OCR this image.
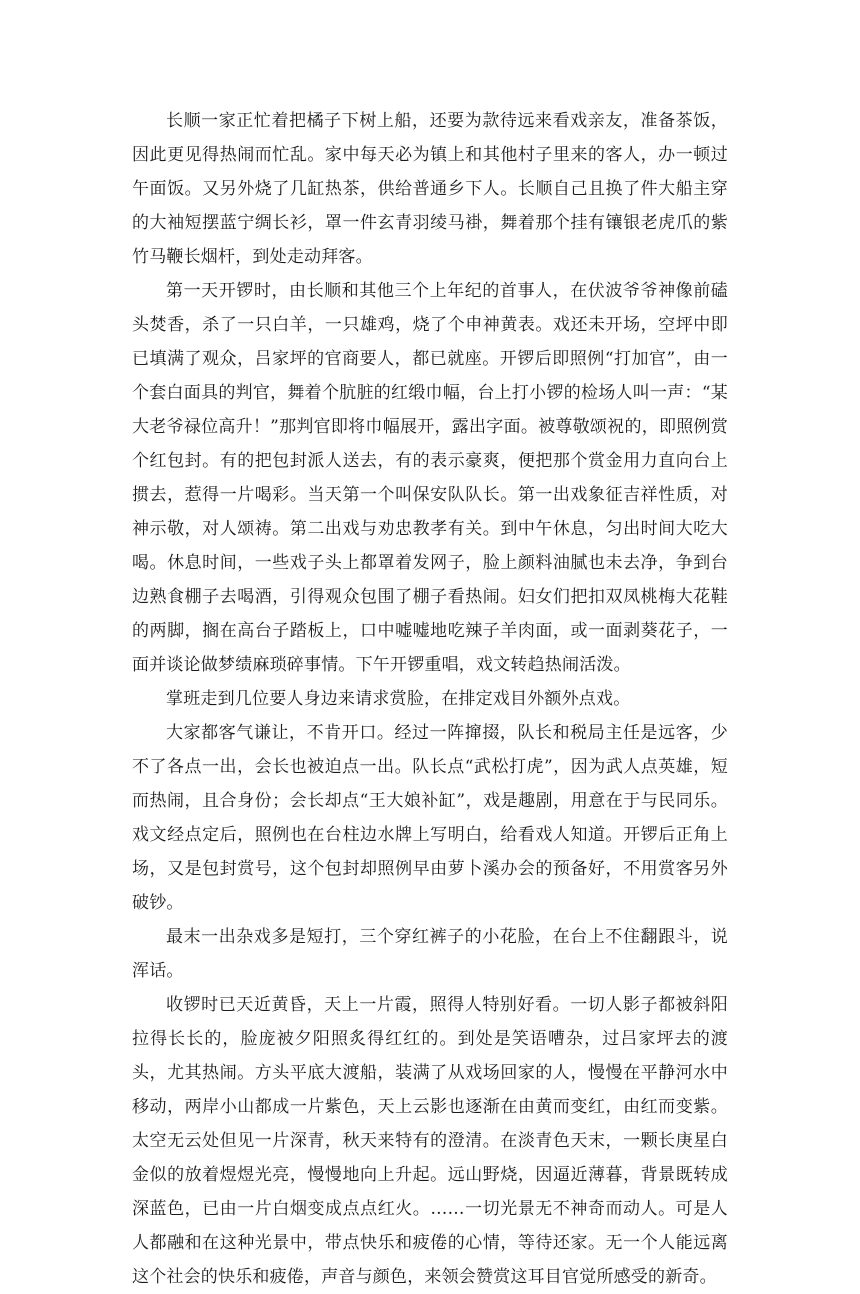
长顺一家正忙着把橘子下树上船，还要为款待远来看戏亲友，准备茶饭，因此更见得热闹而忙乱。家中每天必为镇上和其他村子里来的客人，办一顿过午面饭。又另外烧了几缸热茶，供给普通乡下人。长顺自己且换了件大船主穿的大袖短摆蓝宁绸长衫，罩一件玄青羽绫马褂，舞着那个挂有镶银老虎爪的紫竹马鞭长烟杆，到处走动拜客。

第一天开锣时，由长顺和其他三个上年纪的首事人，在伏波爷爷神像前磕头焚香，杀了一只白羊，一只雄鸡，烧了个申神黄表。戏还未开场，空坪中即已填满了观众，吕家坪的官商要人，都已就座。开锣后即照例“打加官”，由一个套白面具的判官，舞着个肮脏的红缎巾幅，台上打小锣的检场人叫一声：“某大老爷禄位高升！”那判官即将巾幅展开，露出字面。被尊敬颂祝的，即照例赏个红包封。有的把包封派人送去，有的表示豪爽，便把那个赏金用力直向台上掼去，惹得一片喝彩。当天第一个叫保安队队长。第一出戏象征吉祥性质，对神示敬，对人颂祷。第二出戏与劝忠教孝有关。到中午休息，匀出时间大吃大喝。休息时间，一些戏子头上都罩着发网子，脸上颜料油腻也未去净，争到台边熟食棚子去喝酒，引得观众包围了棚子看热闹。妇女们把扣双凤桃梅大花鞋的两脚，搁在高台子踏板上，口中嘘嘘地吃辣子羊肉面，或一面剥葵花子，一面并谈论做梦绩麻琐碎事情。下午开锣重唱，戏文转趋热闹活泼。

掌班走到几位要人身边来请求赏脸，在排定戏目外额外点戏。

大家都客气谦让，不肯开口。经过一阵撺掇，队长和税局主任是远客，少不了各点一出，会长也被迫点一出。队长点“武松打虎”，因为武人点英雄，短而热闹，且合身份；会长却点“王大娘补缸”，戏是趣剧，用意在于与民同乐。戏文经点定后，照例也在台柱边水牌上写明白，给看戏人知道。开锣后正角上场，又是包封赏号，这个包封却照例早由萝卜溪办会的预备好，不用赏客另外破钞。

最末一出杂戏多是短打，三个穿红裤子的小花脸，在台上不住翻跟斗，说浑话。

收锣时已天近黄昏，天上一片霞，照得人特别好看。一切人影子都被斜阳拉得长长的，脸庞被夕阳照炙得红红的。到处是笑语嘈杂，过吕家坪去的渡头，尤其热闹。方头平底大渡船，装满了从戏场回家的人，慢慢在平静河水中移动，两岸小山都成一片紫色，天上云影也逐渐在由黄而变红，由红而变紫。太空无云处但见一片深青，秋天来特有的澄清。在淡青色天末，一颗长庚星白金似的放着煜煜光亮，慢慢地向上升起。远山野烧，因逼近薄暮，背景既转成深蓝色，已由一片白烟变成点点红火。……一切光景无不神奇而动人。可是人人都融和在这种光景中，带点快乐和疲倦的心情，等待还家。无一个人能远离这个社会的快乐和疲倦，声音与颜色，来领会赞赏这耳目官觉所感受的新奇。
